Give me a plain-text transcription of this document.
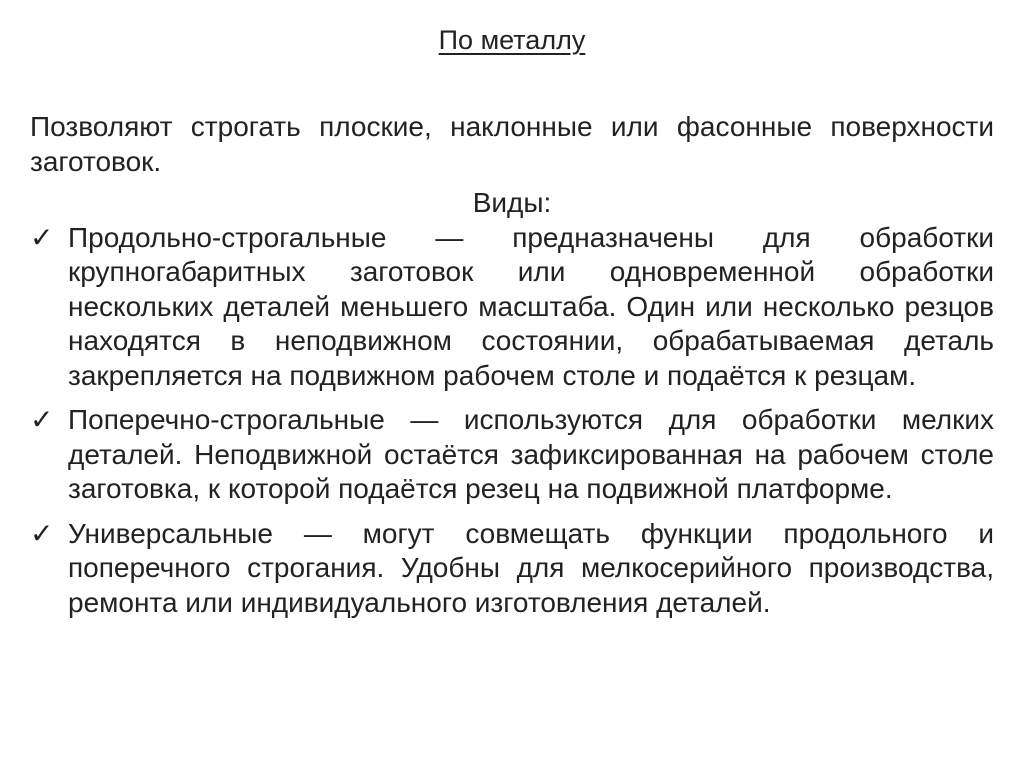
По металлу

Позволяют строгать плоские, наклонные или фасонные поверхности заготовок.

Виды:

✓ Продольно-строгальные — предназначены для обработки крупногабаритных заготовок или одновременной обработки нескольких деталей меньшего масштаба. Один или несколько резцов находятся в неподвижном состоянии, обрабатываемая деталь закрепляется на подвижном рабочем столе и подаётся к резцам.
✓ Поперечно-строгальные — используются для обработки мелких деталей. Неподвижной остаётся зафиксированная на рабочем столе заготовка, к которой подаётся резец на подвижной платформе.
✓ Универсальные — могут совмещать функции продольного и поперечного строгания. Удобны для мелкосерийного производства, ремонта или индивидуального изготовления деталей.
